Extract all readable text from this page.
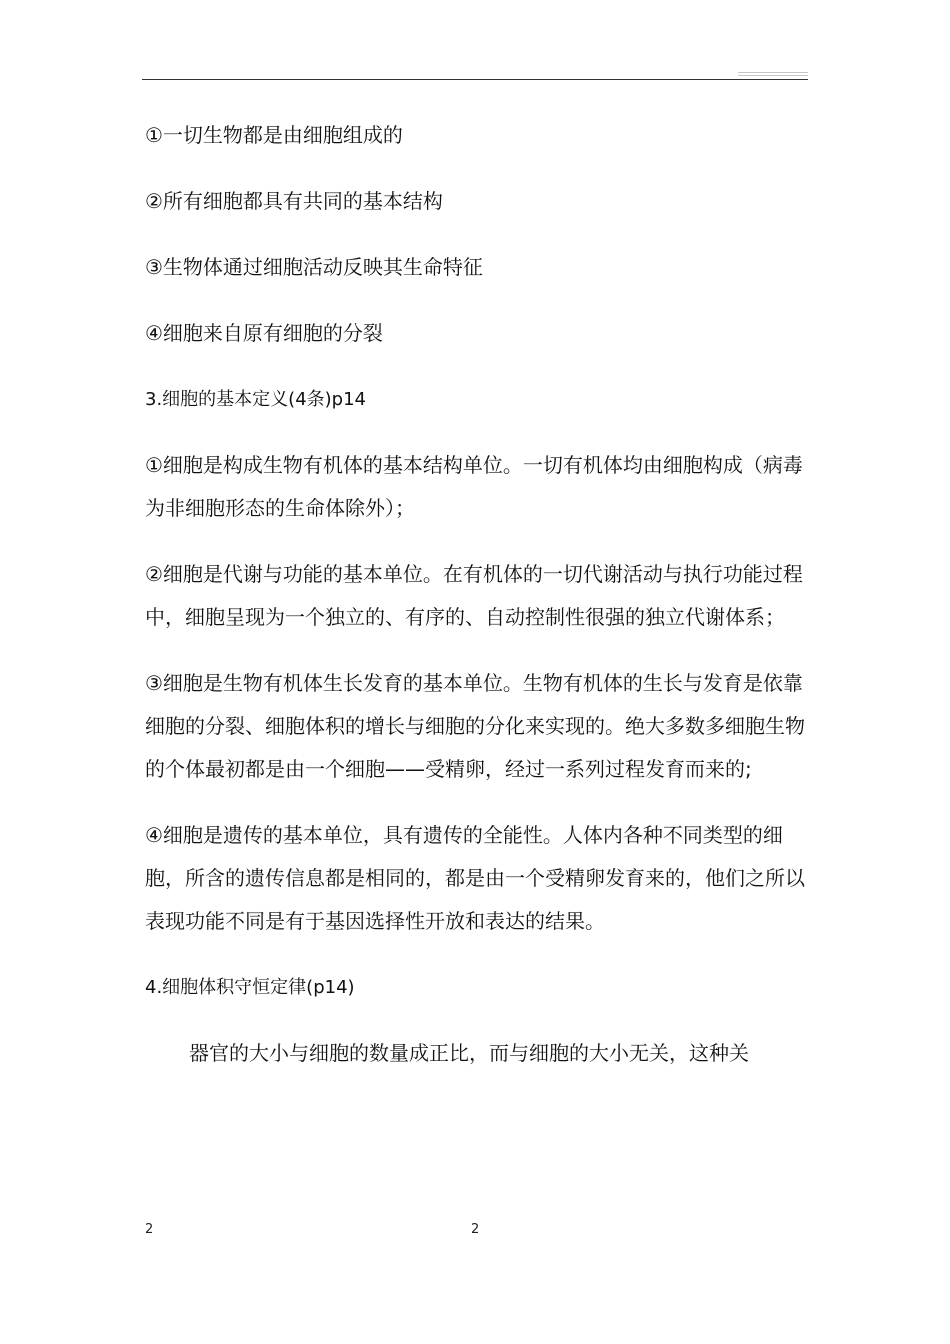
①一切生物都是由细胞组成的

②所有细胞都具有共同的基本结构

③生物体通过细胞活动反映其生命特征

④细胞来自原有细胞的分裂

3.细胞的基本定义(4条)p14

①细胞是构成生物有机体的基本结构单位。一切有机体均由细胞构成（病毒为非细胞形态的生命体除外）；

②细胞是代谢与功能的基本单位。在有机体的一切代谢活动与执行功能过程中，细胞呈现为一个独立的、有序的、自动控制性很强的独立代谢体系；

③细胞是生物有机体生长发育的基本单位。生物有机体的生长与发育是依靠细胞的分裂、细胞体积的增长与细胞的分化来实现的。绝大多数多细胞生物的个体最初都是由一个细胞——受精卵，经过一系列过程发育而来的;

④细胞是遗传的基本单位，具有遗传的全能性。人体内各种不同类型的细胞，所含的遗传信息都是相同的，都是由一个受精卵发育来的，他们之所以表现功能不同是有于基因选择性开放和表达的结果。

4.细胞体积守恒定律(p14)

器官的大小与细胞的数量成正比，而与细胞的大小无关，这种关

2	2
